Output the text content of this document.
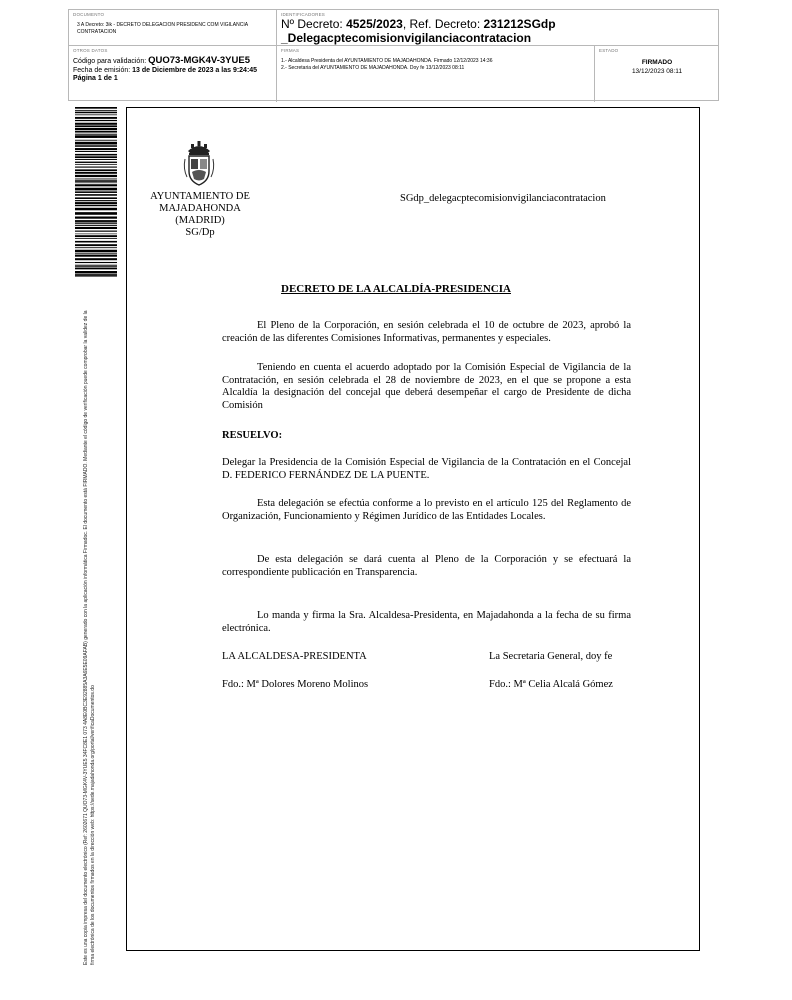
DOCUMENTO
3 A Decreto: 3ik - DECRETO DELEGACION PRESIDENC COM VIGILANCIA CONTRATACION
IDENTIFICADORES
Nº Decreto: 4525/2023, Ref. Decreto: 231212SGdp
_Delegacptecomisionvigilanciacontratacion
OTROS DATOS
Código para validación: QUO73-MGK4V-3YUE5
Fecha de emisión: 13 de Diciembre de 2023 a las 9:24:45
Página 1 de 1
FIRMAS
1.- Alcaldesa Presidenta del AYUNTAMIENTO DE MAJADAHONDA. Firmado 12/12/2023 14:36
2.- Secretaria del AYUNTAMIENTO DE MAJADAHONDA. Doy fe 13/12/2023 08:11
ESTADO
FIRMADO
13/12/2023 08:11
Este es una copia impresa del documento electrónico (Ref: 2602671 QUO73-MGK4V-3YUE5 34FC8E1 073 4A8E0BC3E92885A3A6E5E09AFAB) generado con la aplicación informática Firmadoc. El documento está FIRMADO. Mediante el código de verificación puede comprobar la validez de la firma electrónica de los documentos firmados en la dirección web: https://sede.majadahonda.org/portal/verificaDocumentos.do
AYUNTAMIENTO DE
MAJADAHONDA
(MADRID)
SG/Dp
SGdp_delegacptecomisionvigilanciacontratacion
DECRETO DE LA ALCALDÍA-PRESIDENCIA
El Pleno de la Corporación, en sesión celebrada el 10 de octubre de 2023, aprobó la creación de las diferentes Comisiones Informativas, permanentes y especiales.
Teniendo en cuenta el acuerdo adoptado por la Comisión Especial de Vigilancia de la Contratación, en sesión celebrada el 28 de noviembre de 2023, en el que se propone a esta Alcaldía la designación del concejal que deberá desempeñar el cargo de Presidente de dicha Comisión
RESUELVO:
Delegar la Presidencia de la Comisión Especial de Vigilancia de la Contratación en el Concejal D. FEDERICO FERNÁNDEZ DE LA PUENTE.
Esta delegación se efectúa conforme a lo previsto en el artículo 125 del Reglamento de Organización, Funcionamiento y Régimen Jurídico de las Entidades Locales.
De esta delegación se dará cuenta al Pleno de la Corporación y se efectuará la correspondiente publicación en Transparencia.
Lo manda y firma la Sra. Alcaldesa-Presidenta, en Majadahonda a la fecha de su firma electrónica.
LA ALCALDESA-PRESIDENTA	La Secretaria General, doy fe
Fdo.: Mª Dolores Moreno Molinos	Fdo.: Mª Celia Alcalá Gómez
